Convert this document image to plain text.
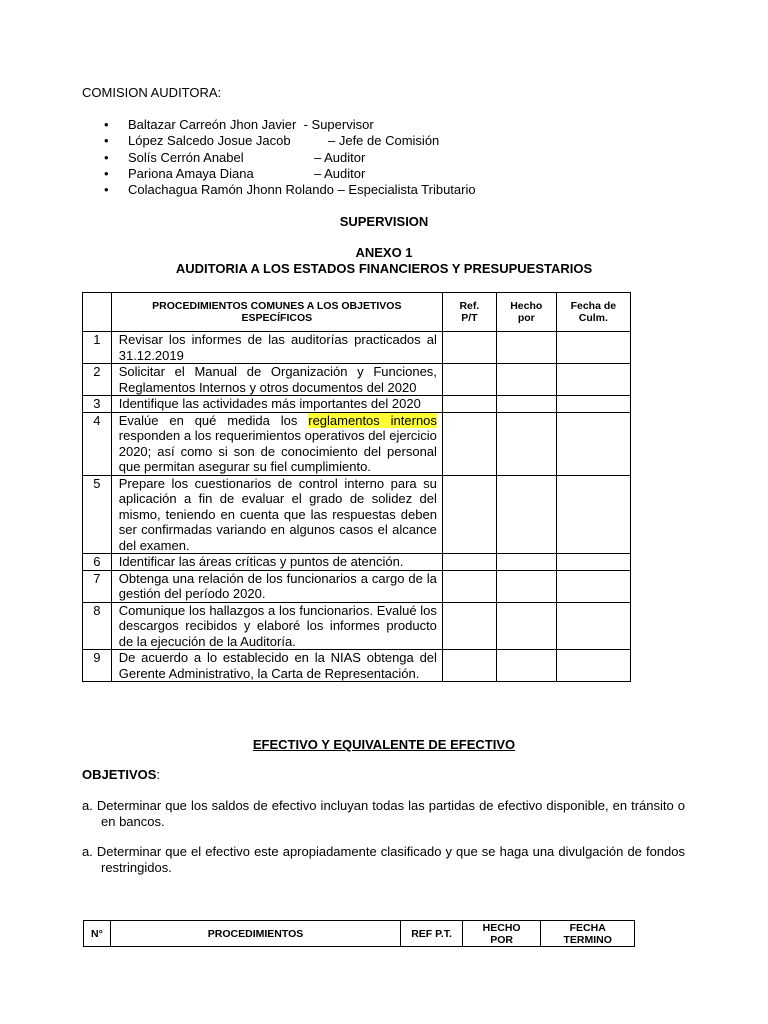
COMISION AUDITORA:
• Baltazar Carreón Jhon Javier  - Supervisor
• López Salcedo Josue Jacob	– Jefe de Comisión
• Solís Cerrón Anabel	– Auditor
• Pariona Amaya Diana	– Auditor
• Colachagua Ramón Jhonn Rolando – Especialista Tributario
SUPERVISION
ANEXO 1
AUDITORIA A LOS ESTADOS FINANCIEROS Y PRESUPUESTARIOS
	PROCEDIMIENTOS COMUNES A LOS OBJETIVOS ESPECÍFICOS	Ref. P/T	Hecho por	Fecha de Culm.
1	Revisar los informes de las auditorías practicados al 31.12.2019			
2	Solicitar el Manual de Organización y Funciones, Reglamentos Internos y otros documentos del 2020			
3	Identifique las actividades más importantes del 2020			
4	Evalúe en qué medida los reglamentos internos responden a los requerimientos operativos del ejercicio 2020; así como si son de conocimiento del personal que permitan asegurar su fiel cumplimiento.			
5	Prepare los cuestionarios de control interno para su aplicación a fin de evaluar el grado de solidez del mismo, teniendo en cuenta que las respuestas deben ser confirmadas variando en algunos casos el alcance del examen.			
6	Identificar las áreas críticas y puntos de atención.			
7	Obtenga una relación de los funcionarios a cargo de la gestión del período 2020.			
8	Comunique los hallazgos a los funcionarios. Evalué los descargos recibidos y elaboré los informes producto de la ejecución de la Auditoría.			
9	De acuerdo a lo establecido en la NIAS obtenga del Gerente Administrativo, la Carta de Representación.			
EFECTIVO Y EQUIVALENTE DE EFECTIVO
OBJETIVOS:
a. Determinar que los saldos de efectivo incluyan todas las partidas de efectivo disponible, en tránsito o en bancos.
a. Determinar que el efectivo este apropiadamente clasificado y que se haga una divulgación de fondos restringidos.
N°	PROCEDIMIENTOS	REF P.T.	HECHO POR	FECHA TERMINO
